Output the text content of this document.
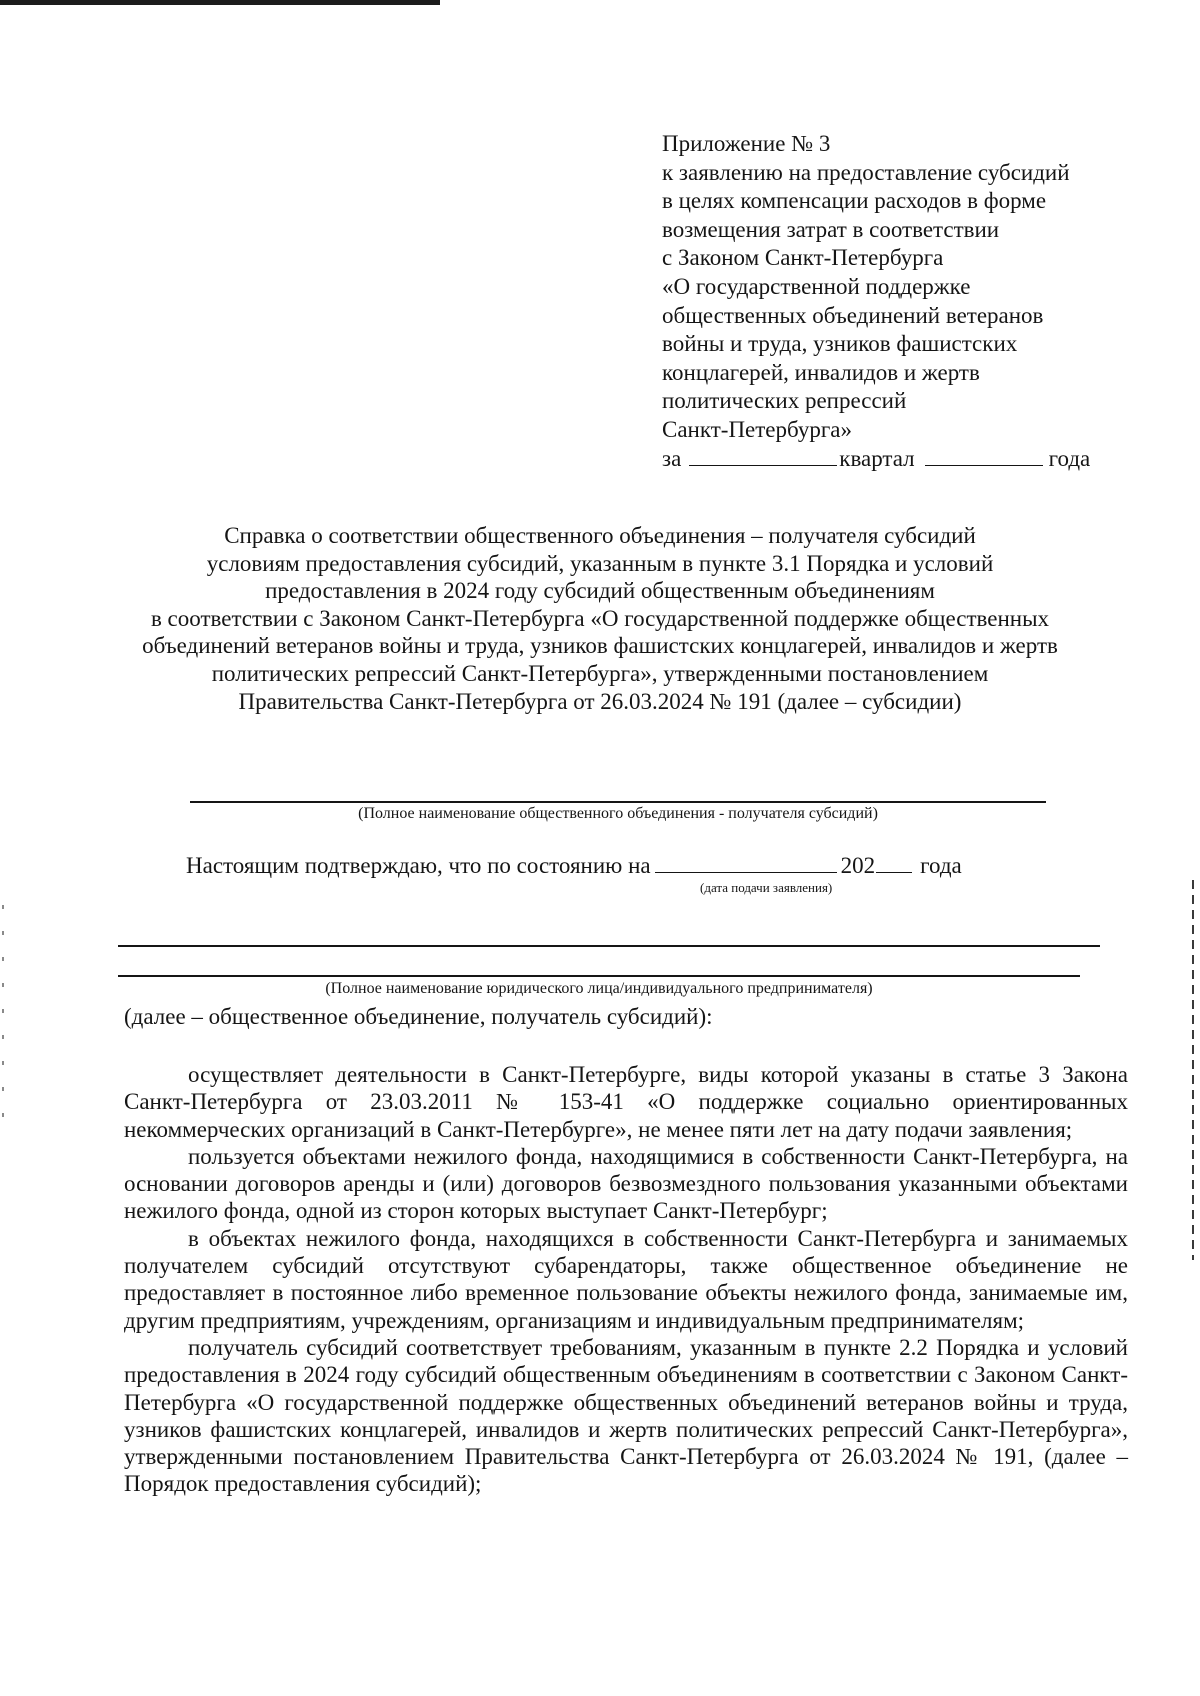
Приложение № 3
к заявлению на предоставление субсидий
в целях компенсации расходов в форме
возмещения затрат в соответствии
с Законом Санкт-Петербурга
«О государственной поддержке
общественных объединений ветеранов
войны и труда, узников фашистских
концлагерей, инвалидов и жертв
политических репрессий
Санкт-Петербурга»
за	квартал	года
Справка о соответствии общественного объединения – получателя субсидий
условиям предоставления субсидий, указанным в пункте 3.1 Порядка и условий
предоставления в 2024 году субсидий общественным объединениям
в соответствии с Законом Санкт-Петербурга «О государственной поддержке общественных
объединений ветеранов войны и труда, узников фашистских концлагерей, инвалидов и жертв
политических репрессий Санкт-Петербурга», утвержденными постановлением
Правительства Санкт-Петербурга от 26.03.2024 № 191 (далее – субсидии)
(Полное наименование общественного объединения - получателя субсидий)
Настоящим подтверждаю, что по состоянию на	202 года
(дата подачи заявления)
(Полное наименование юридического лица/индивидуального предпринимателя)
(далее – общественное объединение, получатель субсидий):

осуществляет деятельности в Санкт-Петербурге, виды которой указаны в статье 3 Закона Санкт-Петербурга от 23.03.2011 № 153-41 «О поддержке социально ориентированных некоммерческих организаций в Санкт-Петербурге», не менее пяти лет на дату подачи заявления;

пользуется объектами нежилого фонда, находящимися в собственности Санкт-Петербурга, на основании договоров аренды и (или) договоров безвозмездного пользования указанными объектами нежилого фонда, одной из сторон которых выступает Санкт-Петербург;

в объектах нежилого фонда, находящихся в собственности Санкт-Петербурга и занимаемых получателем субсидий отсутствуют субарендаторы, также общественное объединение не предоставляет в постоянное либо временное пользование объекты нежилого фонда, занимаемые им, другим предприятиям, учреждениям, организациям и индивидуальным предпринимателям;

получатель субсидий соответствует требованиям, указанным в пункте 2.2 Порядка и условий предоставления в 2024 году субсидий общественным объединениям в соответствии с Законом Санкт-Петербурга «О государственной поддержке общественных объединений ветеранов войны и труда, узников фашистских концлагерей, инвалидов и жертв политических репрессий Санкт-Петербурга», утвержденными постановлением Правительства Санкт-Петербурга от 26.03.2024 № 191, (далее – Порядок предоставления субсидий);
